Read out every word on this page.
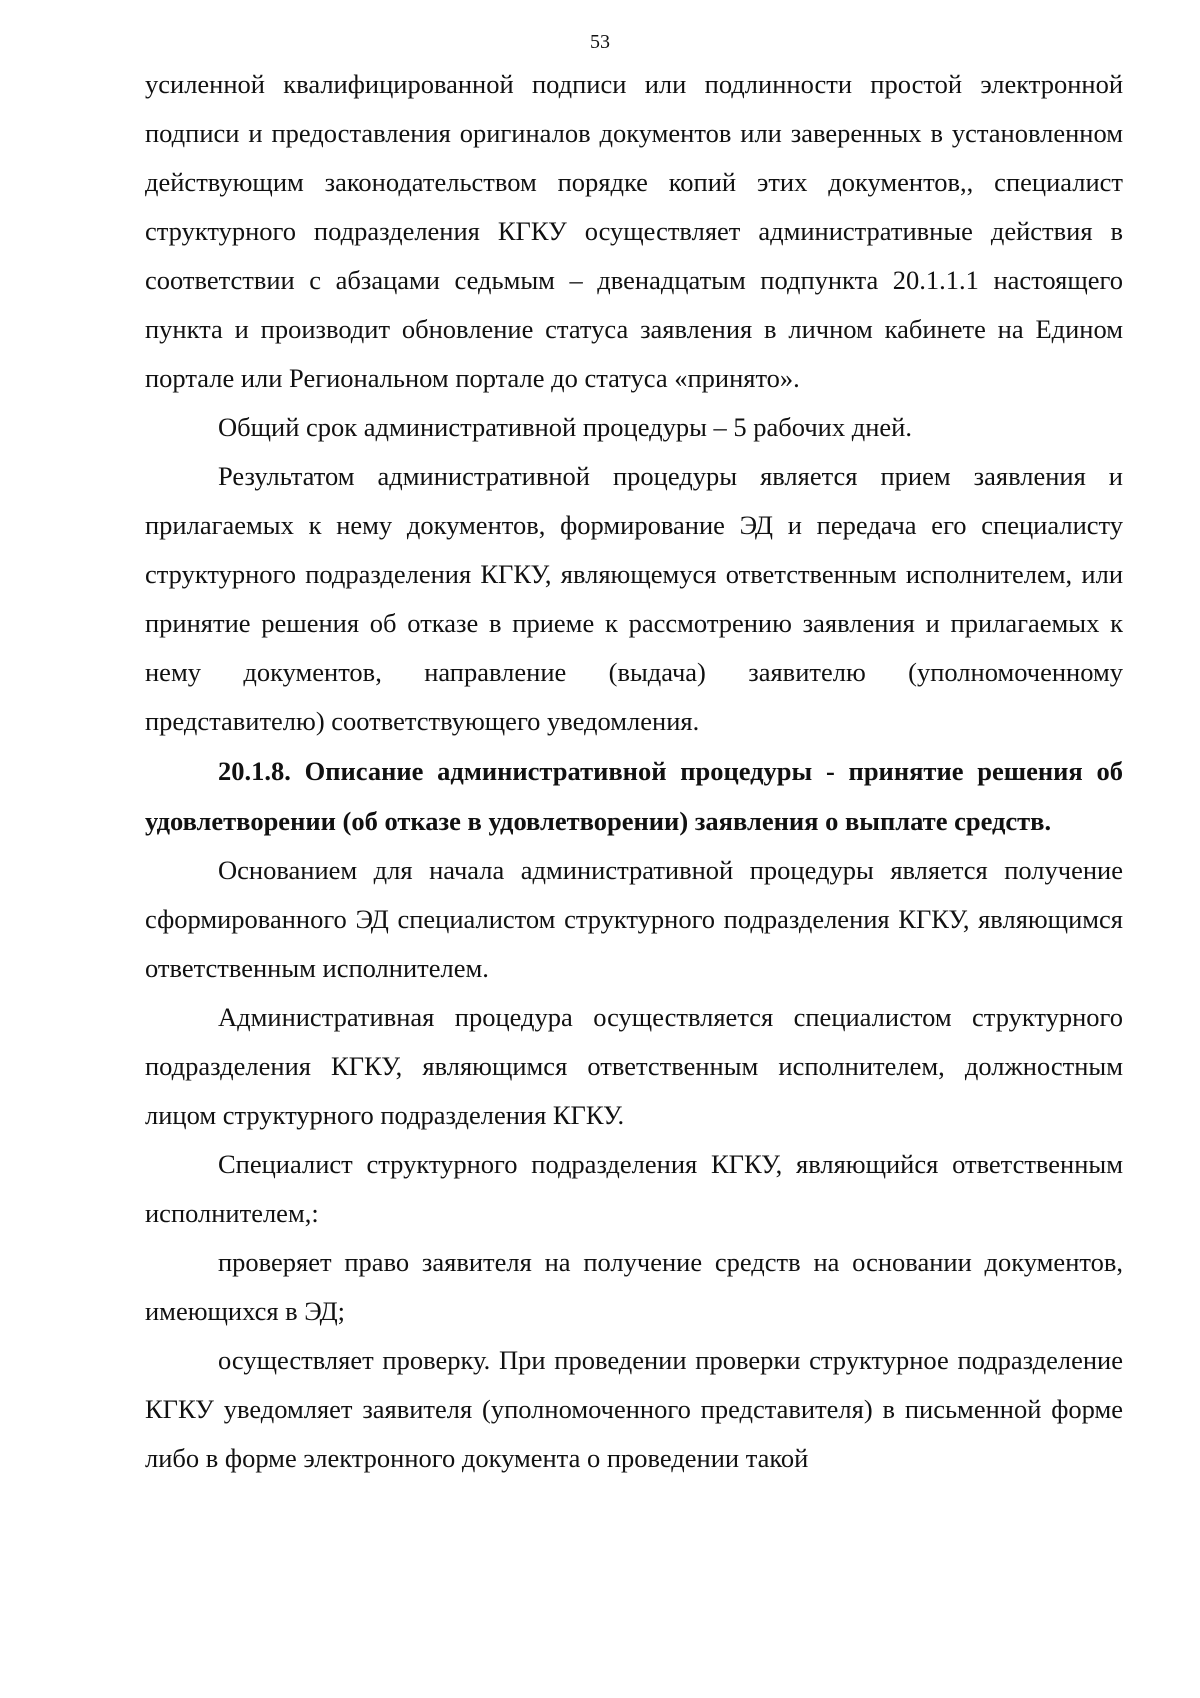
53

усиленной квалифицированной подписи или подлинности простой электронной подписи и предоставления оригиналов документов или заверенных в установленном действующим законодательством порядке копий этих документов,, специалист структурного подразделения КГКУ осуществляет административные действия в соответствии с абзацами седьмым – двенадцатым подпункта 20.1.1.1 настоящего пункта и производит обновление статуса заявления в личном кабинете на Едином портале или Региональном портале до статуса «принято».

Общий срок административной процедуры – 5 рабочих дней.

Результатом административной процедуры является прием заявления и прилагаемых к нему документов, формирование ЭД и передача его специалисту структурного подразделения КГКУ, являющемуся ответственным исполнителем, или принятие решения об отказе в приеме к рассмотрению заявления и прилагаемых к нему документов, направление (выдача) заявителю (уполномоченному представителю) соответствующего уведомления.

20.1.8. Описание административной процедуры - принятие решения об удовлетворении (об отказе в удовлетворении) заявления о выплате средств.

Основанием для начала административной процедуры является получение сформированного ЭД специалистом структурного подразделения КГКУ, являющимся ответственным исполнителем.

Административная процедура осуществляется специалистом структурного подразделения КГКУ, являющимся ответственным исполнителем, должностным лицом структурного подразделения КГКУ.

Специалист структурного подразделения КГКУ, являющийся ответственным исполнителем,:

проверяет право заявителя на получение средств на основании документов, имеющихся в ЭД;

осуществляет проверку. При проведении проверки структурное подразделение КГКУ уведомляет заявителя (уполномоченного представителя) в письменной форме либо в форме электронного документа о проведении такой
